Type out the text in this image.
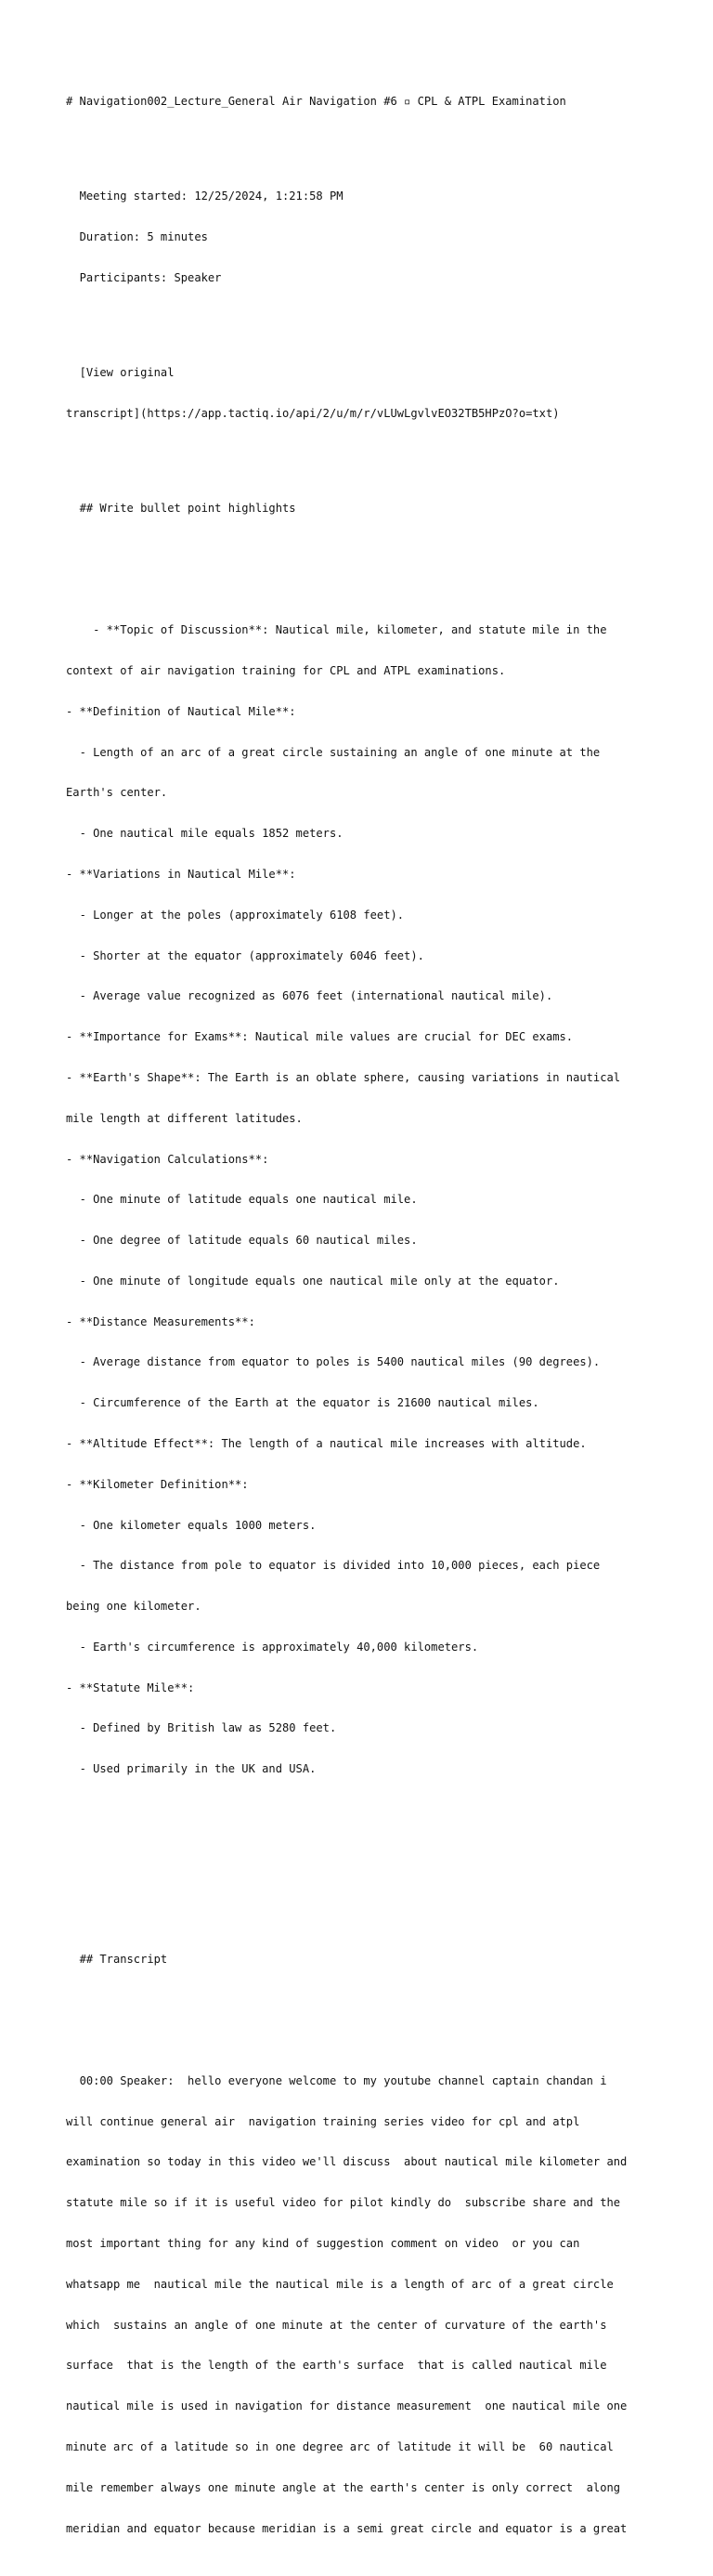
# Navigation002_Lecture_General Air Navigation #6 ▫ CPL & ATPL Examination

Meeting started: 12/25/2024, 1:21:58 PM

Duration: 5 minutes

Participants: Speaker

[View original

transcript](https://app.tactiq.io/api/2/u/m/r/vLUwLgvlvEO32TB5HPzO?o=txt)

## Write bullet point highlights

- **Topic of Discussion**: Nautical mile, kilometer, and statute mile in the

context of air navigation training for CPL and ATPL examinations.

- **Definition of Nautical Mile**:

- Length of an arc of a great circle sustaining an angle of one minute at the

Earth's center.

- One nautical mile equals 1852 meters.

- **Variations in Nautical Mile**:

- Longer at the poles (approximately 6108 feet).

- Shorter at the equator (approximately 6046 feet).

- Average value recognized as 6076 feet (international nautical mile).

- **Importance for Exams**: Nautical mile values are crucial for DEC exams.

- **Earth's Shape**: The Earth is an oblate sphere, causing variations in nautical

mile length at different latitudes.

- **Navigation Calculations**:

- One minute of latitude equals one nautical mile.

- One degree of latitude equals 60 nautical miles.

- One minute of longitude equals one nautical mile only at the equator.

- **Distance Measurements**:

- Average distance from equator to poles is 5400 nautical miles (90 degrees).

- Circumference of the Earth at the equator is 21600 nautical miles.

- **Altitude Effect**: The length of a nautical mile increases with altitude.

- **Kilometer Definition**:

- One kilometer equals 1000 meters.

- The distance from pole to equator is divided into 10,000 pieces, each piece

being one kilometer.

- Earth's circumference is approximately 40,000 kilometers.

- **Statute Mile**:

- Defined by British law as 5280 feet.

- Used primarily in the UK and USA.

## Transcript

00:00 Speaker:  hello everyone welcome to my youtube channel captain chandan i

will continue general air  navigation training series video for cpl and atpl

examination so today in this video we'll discuss  about nautical mile kilometer and

statute mile so if it is useful video for pilot kindly do  subscribe share and the

most important thing for any kind of suggestion comment on video  or you can

whatsapp me  nautical mile the nautical mile is a length of arc of a great circle

which  sustains an angle of one minute at the center of curvature of the earth's

surface  that is the length of the earth's surface  that is called nautical mile

nautical mile is used in navigation for distance measurement  one nautical mile one

minute arc of a latitude so in one degree arc of latitude it will be  60 nautical

mile remember always one minute angle at the earth's center is only correct  along

meridian and equator because meridian is a semi great circle and equator is a great
